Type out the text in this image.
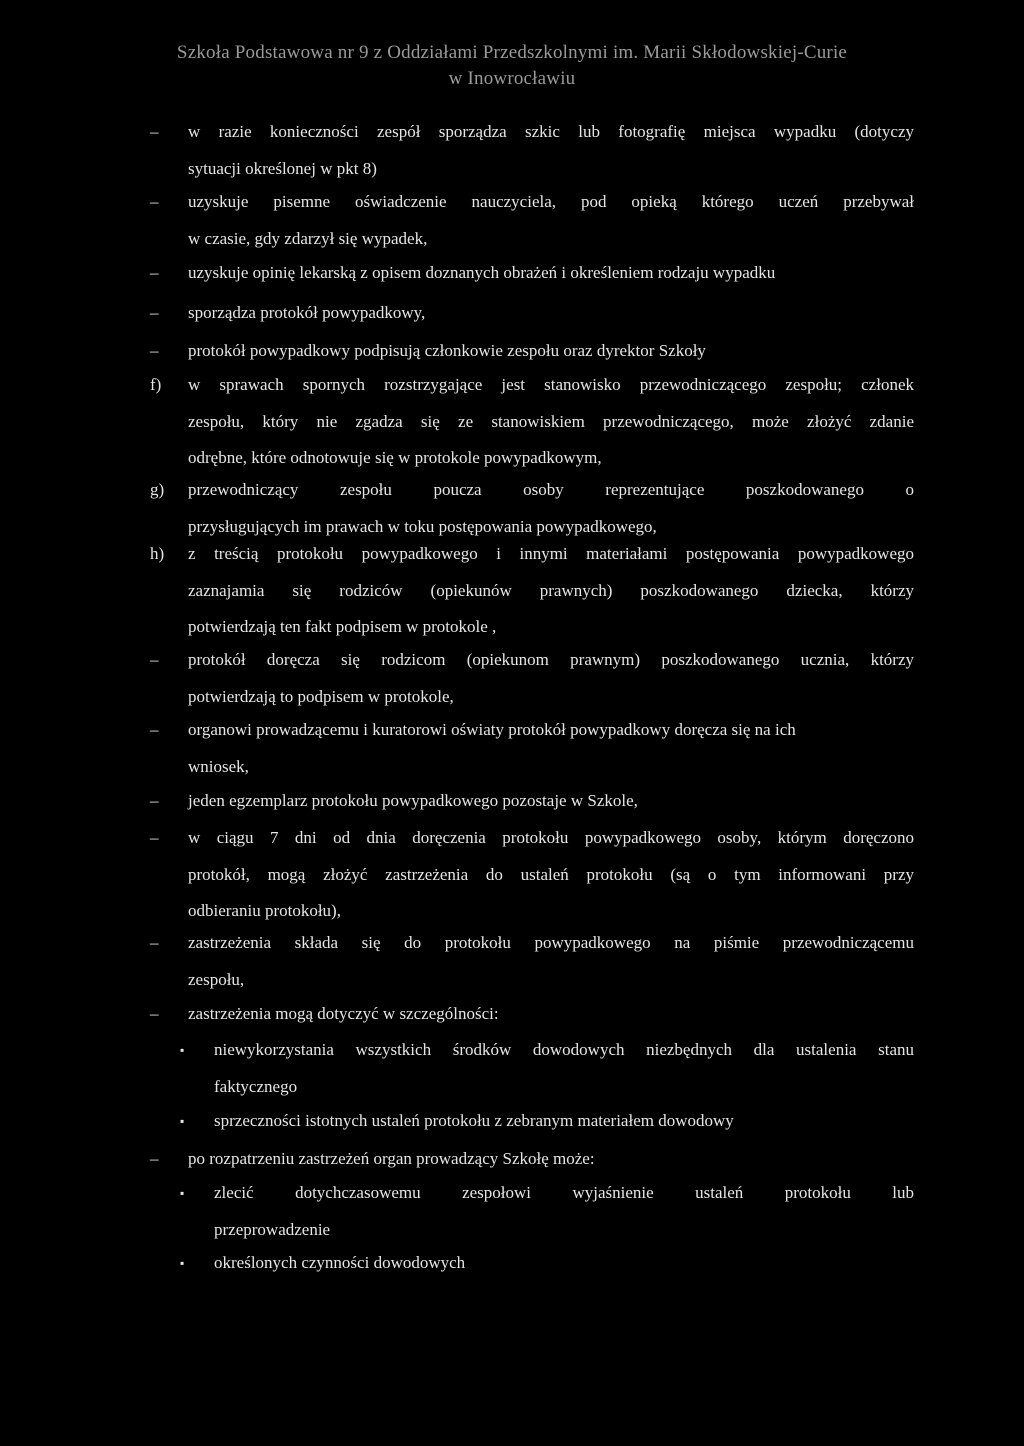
Szkoła Podstawowa nr 9 z Oddziałami Przedszkolnymi im. Marii Skłodowskiej-Curie
w Inowrocławiu
–	w razie konieczności zespół sporządza szkic lub fotografię miejsca wypadku (dotyczy
sytuacji określonej w pkt 8)
–	uzyskuje pisemne oświadczenie nauczyciela, pod opieką którego uczeń przebywał
w czasie, gdy zdarzył się wypadek,
–	uzyskuje opinię lekarską z opisem doznanych obrażeń i określeniem rodzaju wypadku
–	sporządza protokół powypadkowy,
–	protokół powypadkowy podpisują członkowie zespołu oraz dyrektor Szkoły
f)	w sprawach spornych rozstrzygające jest stanowisko przewodniczącego zespołu; członek
zespołu, który nie zgadza się ze stanowiskiem przewodniczącego, może złożyć zdanie
odrębne, które odnotowuje się w protokole powypadkowym,
g)	przewodniczący zespołu poucza osoby reprezentujące poszkodowanego o
przysługujących im prawach w toku postępowania powypadkowego,
h)	z treścią protokołu powypadkowego i innymi materiałami postępowania powypadkowego
zaznajamia się rodziców (opiekunów prawnych) poszkodowanego dziecka, którzy
potwierdzają ten fakt podpisem w protokole ,
–	protokół doręcza się rodzicom (opiekunom prawnym) poszkodowanego ucznia, którzy
potwierdzają to podpisem w protokole,
–	organowi prowadzącemu i kuratorowi oświaty protokół powypadkowy doręcza się na ich
wniosek,
–	jeden egzemplarz protokołu powypadkowego pozostaje w Szkole,
–	w ciągu 7 dni od dnia doręczenia protokołu powypadkowego osoby, którym doręczono
protokół, mogą złożyć zastrzeżenia do ustaleń protokołu (są o tym informowani przy
odbieraniu protokołu),
–	zastrzeżenia składa się do protokołu powypadkowego na piśmie przewodniczącemu
zespołu,
–	zastrzeżenia mogą dotyczyć w szczególności:
▪	niewykorzystania wszystkich środków dowodowych niezbędnych dla ustalenia stanu
faktycznego
▪	sprzeczności istotnych ustaleń protokołu z zebranym materiałem dowodowy
–	po rozpatrzeniu zastrzeżeń organ prowadzący Szkołę może:
▪	zlecić dotychczasowemu zespołowi wyjaśnienie ustaleń protokołu lub
przeprowadzenie
▪	określonych czynności dowodowych
